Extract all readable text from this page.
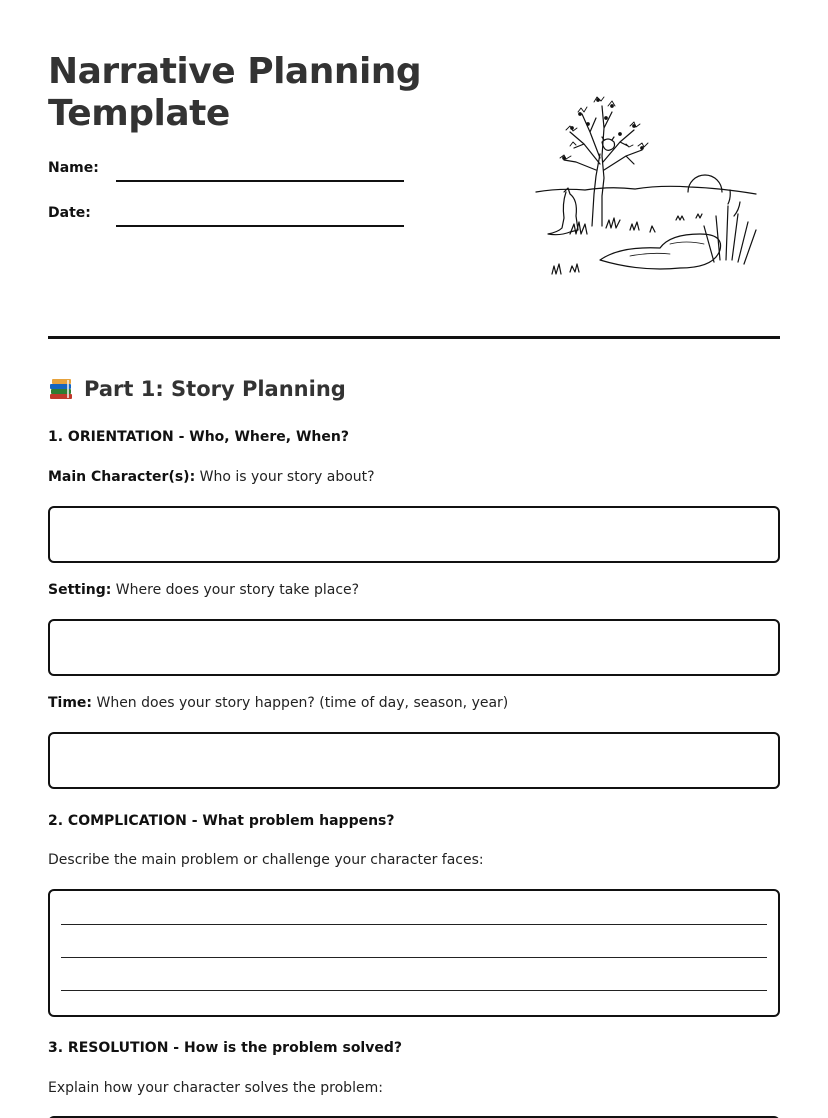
Narrative Planning
Template
Name:
Date:
Part 1: Story Planning
1. ORIENTATION - Who, Where, When?
Main Character(s): Who is your story about?
Setting: Where does your story take place?
Time: When does your story happen? (time of day, season, year)
2. COMPLICATION - What problem happens?
Describe the main problem or challenge your character faces:
3. RESOLUTION - How is the problem solved?
Explain how your character solves the problem:
